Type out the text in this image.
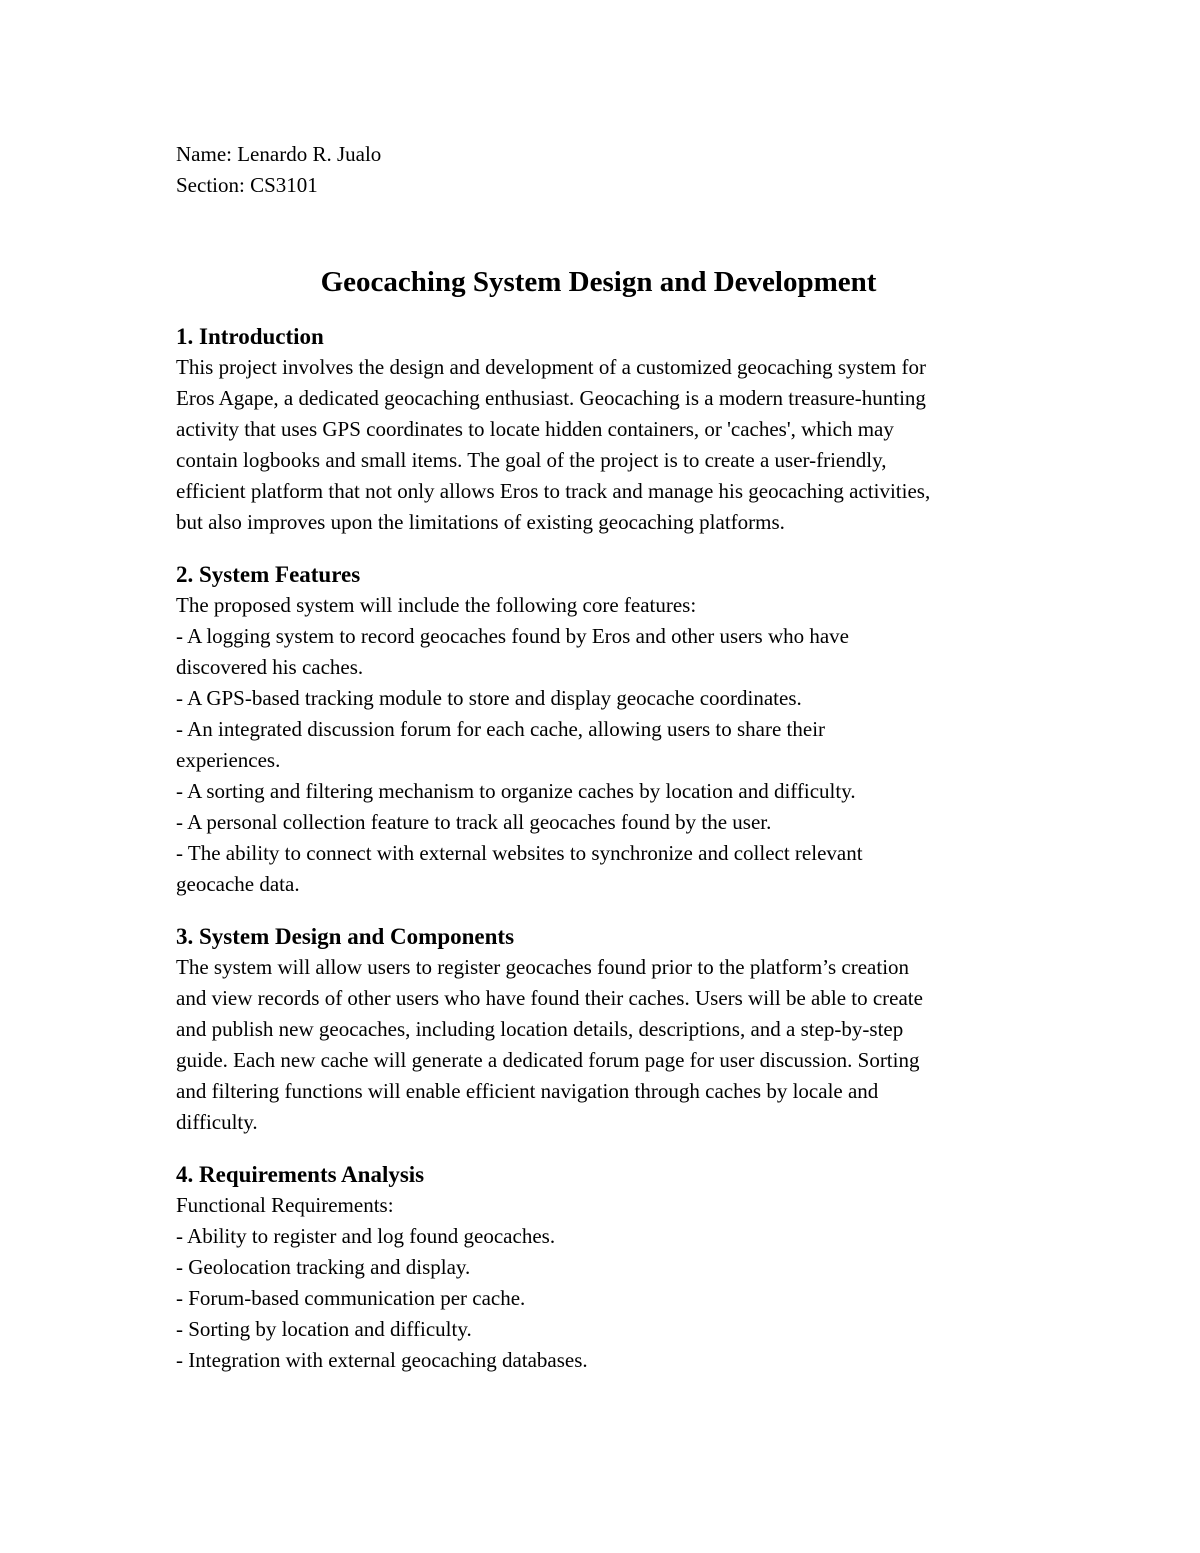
Name: Lenardo R. Jualo
Section: CS3101
Geocaching System Design and Development
1. Introduction
This project involves the design and development of a customized geocaching system for
Eros Agape, a dedicated geocaching enthusiast. Geocaching is a modern treasure-hunting
activity that uses GPS coordinates to locate hidden containers, or 'caches', which may
contain logbooks and small items. The goal of the project is to create a user-friendly,
efficient platform that not only allows Eros to track and manage his geocaching activities,
but also improves upon the limitations of existing geocaching platforms.
2. System Features
The proposed system will include the following core features:
- A logging system to record geocaches found by Eros and other users who have
discovered his caches.
- A GPS-based tracking module to store and display geocache coordinates.
- An integrated discussion forum for each cache, allowing users to share their
experiences.
- A sorting and filtering mechanism to organize caches by location and difficulty.
- A personal collection feature to track all geocaches found by the user.
- The ability to connect with external websites to synchronize and collect relevant
geocache data.
3. System Design and Components
The system will allow users to register geocaches found prior to the platform’s creation
and view records of other users who have found their caches. Users will be able to create
and publish new geocaches, including location details, descriptions, and a step-by-step
guide. Each new cache will generate a dedicated forum page for user discussion. Sorting
and filtering functions will enable efficient navigation through caches by locale and
difficulty.
4. Requirements Analysis
Functional Requirements:
- Ability to register and log found geocaches.
- Geolocation tracking and display.
- Forum-based communication per cache.
- Sorting by location and difficulty.
- Integration with external geocaching databases.
